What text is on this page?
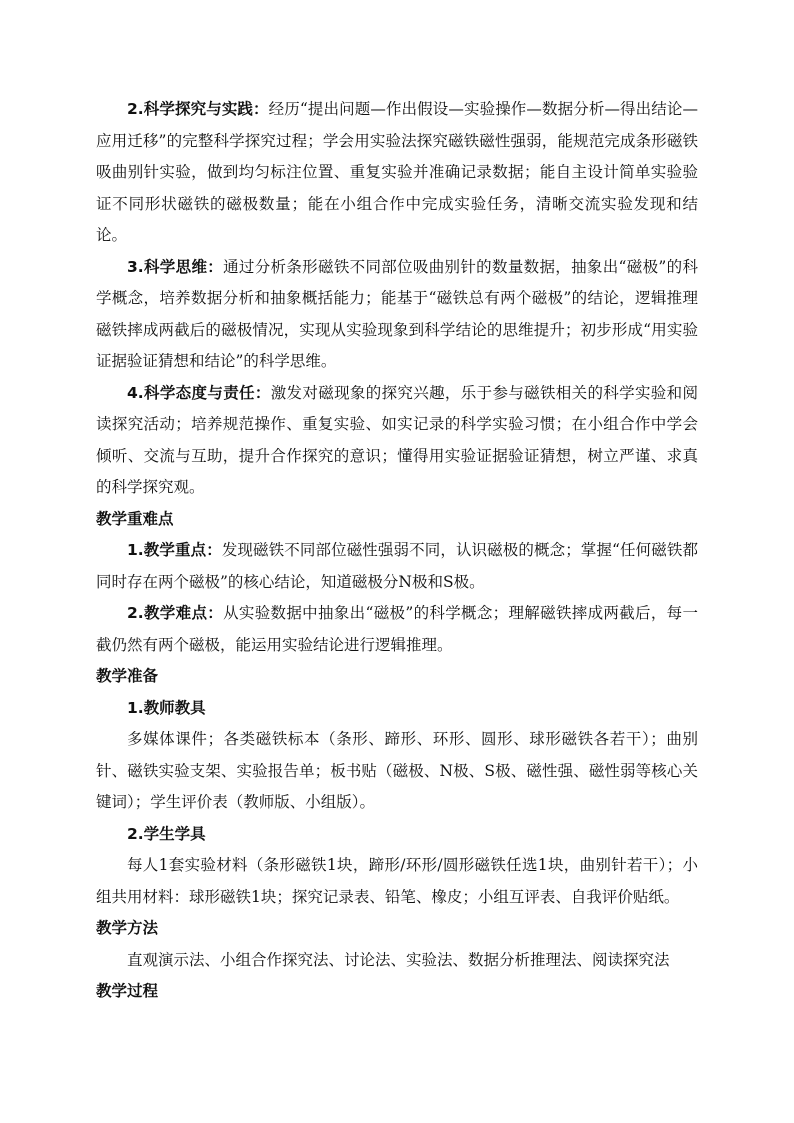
2.科学探究与实践：经历“提出问题—作出假设—实验操作—数据分析—得出结论—应用迁移”的完整科学探究过程；学会用实验法探究磁铁磁性强弱，能规范完成条形磁铁吸曲别针实验，做到均匀标注位置、重复实验并准确记录数据；能自主设计简单实验验证不同形状磁铁的磁极数量；能在小组合作中完成实验任务，清晰交流实验发现和结论。

3.科学思维：通过分析条形磁铁不同部位吸曲别针的数量数据，抽象出“磁极”的科学概念，培养数据分析和抽象概括能力；能基于“磁铁总有两个磁极”的结论，逻辑推理磁铁摔成两截后的磁极情况，实现从实验现象到科学结论的思维提升；初步形成“用实验证据验证猜想和结论”的科学思维。

4.科学态度与责任：激发对磁现象的探究兴趣，乐于参与磁铁相关的科学实验和阅读探究活动；培养规范操作、重复实验、如实记录的科学实验习惯；在小组合作中学会倾听、交流与互助，提升合作探究的意识；懂得用实验证据验证猜想，树立严谨、求真的科学探究观。

教学重难点

1.教学重点：发现磁铁不同部位磁性强弱不同，认识磁极的概念；掌握“任何磁铁都同时存在两个磁极”的核心结论，知道磁极分N极和S极。

2.教学难点：从实验数据中抽象出“磁极”的科学概念；理解磁铁摔成两截后，每一截仍然有两个磁极，能运用实验结论进行逻辑推理。

教学准备

1.教师教具

多媒体课件；各类磁铁标本（条形、蹄形、环形、圆形、球形磁铁各若干）；曲别针、磁铁实验支架、实验报告单；板书贴（磁极、N极、S极、磁性强、磁性弱等核心关键词）；学生评价表（教师版、小组版）。

2.学生学具

每人1套实验材料（条形磁铁1块，蹄形/环形/圆形磁铁任选1块，曲别针若干）；小组共用材料：球形磁铁1块；探究记录表、铅笔、橡皮；小组互评表、自我评价贴纸。

教学方法

直观演示法、小组合作探究法、讨论法、实验法、数据分析推理法、阅读探究法

教学过程
